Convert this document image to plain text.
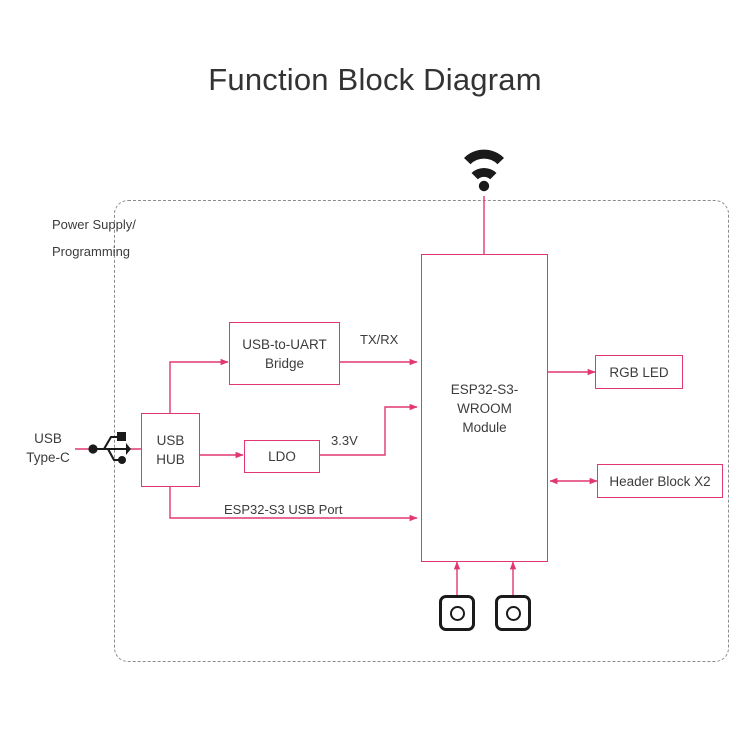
Function Block Diagram
Power Supply/
Programming
USB
HUB
USB-to-UART
Bridge
LDO
ESP32-S3-
WROOM
Module
RGB LED
Header Block X2
USB
Type-C
TX/RX
3.3V
ESP32-S3 USB Port
